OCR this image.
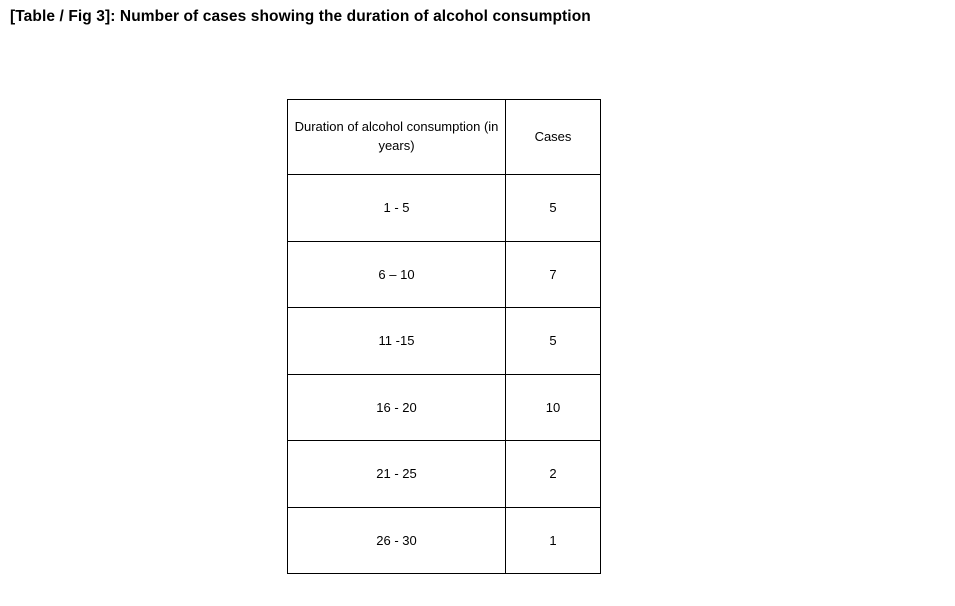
[Table / Fig 3]: Number of cases showing the duration of alcohol consumption
Duration of alcohol consumption (in years)	Cases

1 - 5	5
6 – 10	7
11 -15	5
16 - 20	10
21 - 25	2
26 - 30	1
